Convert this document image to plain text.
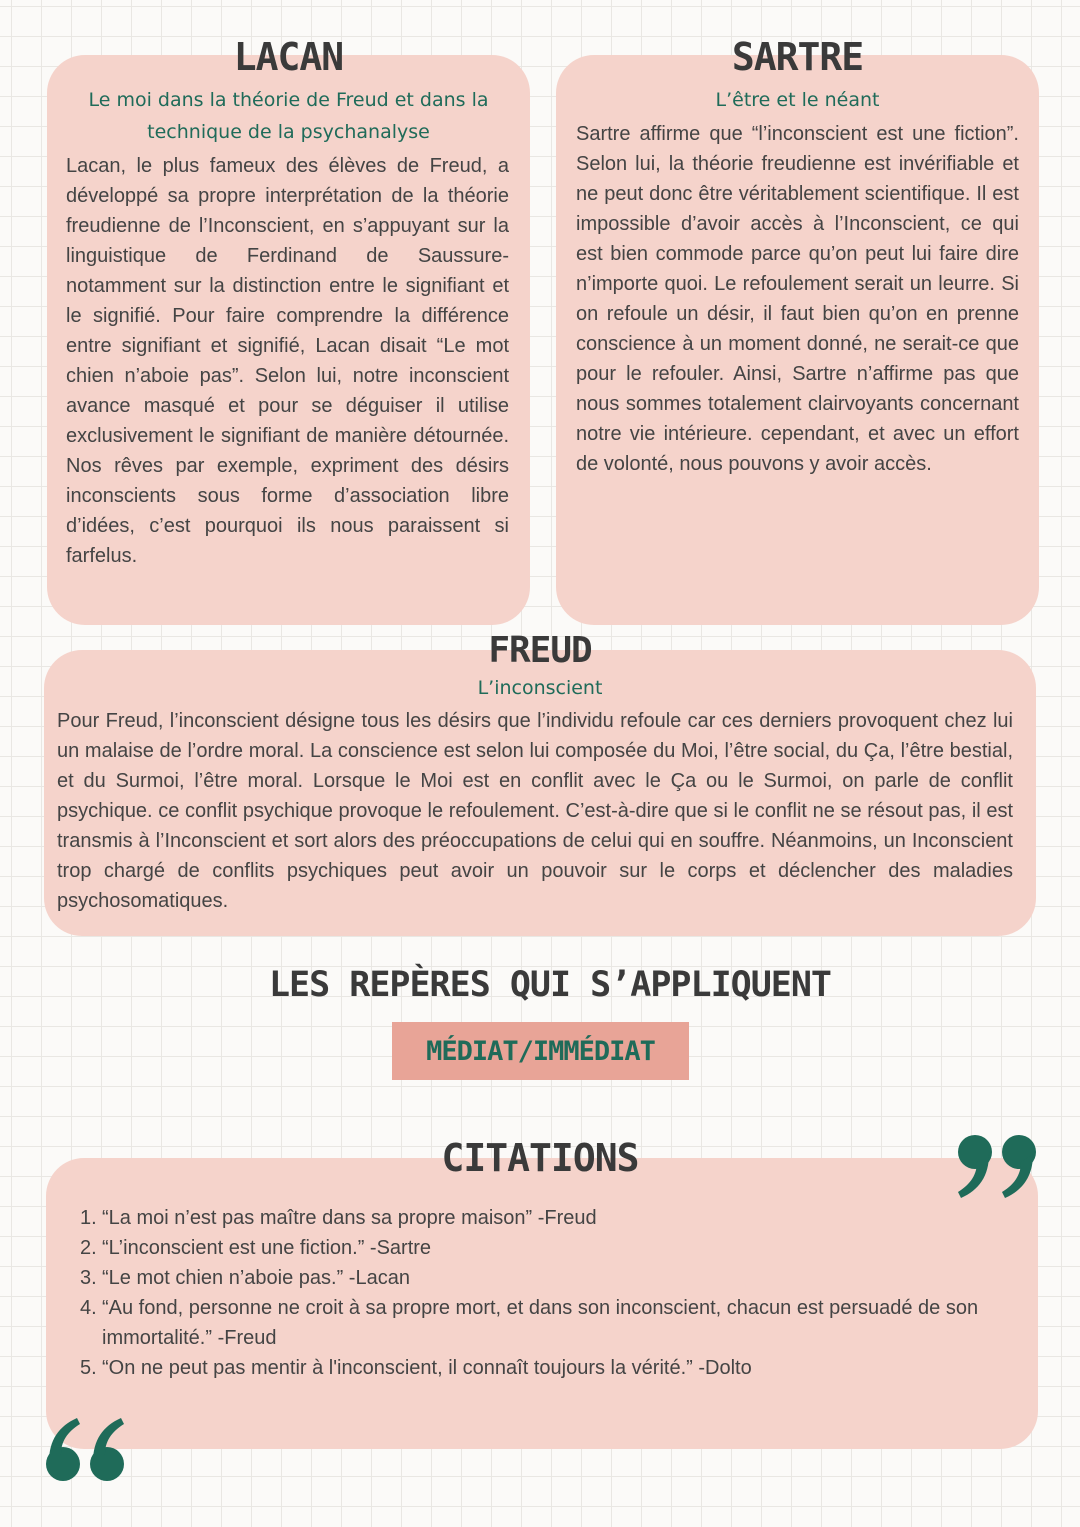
LACAN
Le moi dans la théorie de Freud et dans la
technique de la psychanalyse
Lacan, le plus fameux des élèves de Freud, a développé sa propre interprétation de la théorie freudienne de l’Inconscient, en s’appuyant sur la linguistique de Ferdinand de Saussure- notamment sur la distinction entre le signifiant et le signifié. Pour faire comprendre la différence entre signifiant et signifié, Lacan disait “Le mot chien n’aboie pas”. Selon lui, notre inconscient avance masqué et pour se déguiser il utilise exclusivement le signifiant de manière détournée. Nos rêves par exemple, expriment des désirs inconscients sous forme d’association libre d’idées, c’est pourquoi ils nous paraissent si farfelus.
SARTRE
L’être et le néant
Sartre affirme que “l’inconscient est une fiction”. Selon lui, la théorie freudienne est invérifiable et ne peut donc être véritablement scientifique. Il est impossible d’avoir accès à l’Inconscient, ce qui est bien commode parce qu’on peut lui faire dire n’importe quoi. Le refoulement serait un leurre. Si on refoule un désir, il faut bien qu’on en prenne conscience à un moment donné, ne serait-ce que pour le refouler. Ainsi, Sartre n’affirme pas que nous sommes totalement clairvoyants concernant notre vie intérieure. cependant, et avec un effort de volonté, nous pouvons y avoir accès.
FREUD
L’inconscient
Pour Freud, l’inconscient désigne tous les désirs que l’individu refoule car ces derniers provoquent chez lui un malaise de l’ordre moral. La conscience est selon lui composée du Moi, l’être social, du Ça, l’être bestial, et du Surmoi, l’être moral. Lorsque le Moi est en conflit avec le Ça ou le Surmoi, on parle de conflit psychique. ce conflit psychique provoque le refoulement. C’est-à-dire que si le conflit ne se résout pas, il est transmis à l’Inconscient et sort alors des préoccupations de celui qui en souffre. Néanmoins, un Inconscient trop chargé de conflits psychiques peut avoir un pouvoir sur le corps et déclencher des maladies psychosomatiques.
LES REPÈRES QUI S’APPLIQUENT
MÉDIAT/IMMÉDIAT
CITATIONS
1. “La moi n’est pas maître dans sa propre maison” -Freud
2. “L’inconscient est une fiction.” -Sartre
3. “Le mot chien n’aboie pas.” -Lacan
4. “Au fond, personne ne croit à sa propre mort, et dans son inconscient, chacun est persuadé de son immortalité.” -Freud
5. “On ne peut pas mentir à l'inconscient, il connaît toujours la vérité.” -Dolto
